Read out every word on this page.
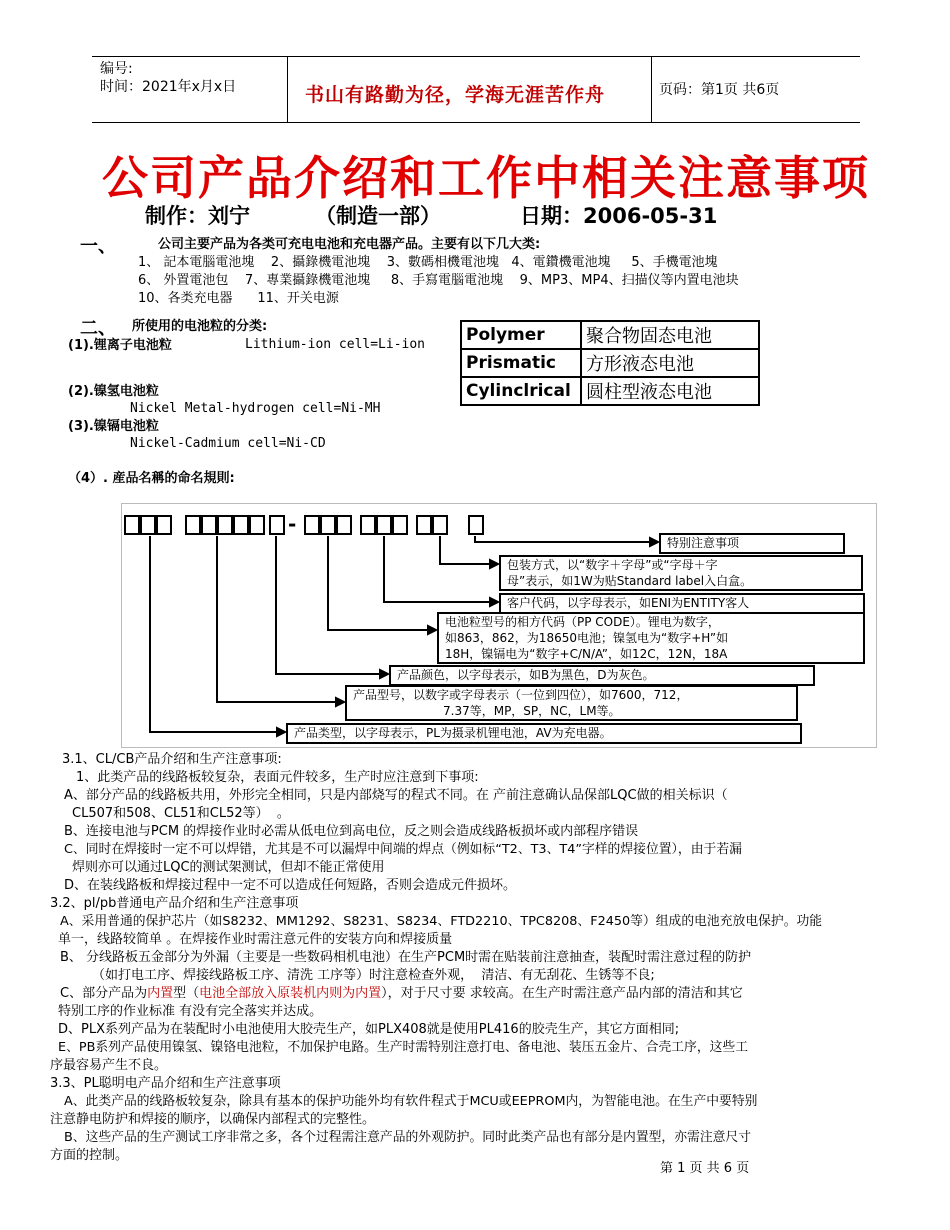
编号:
时间：2021年x月x日	书山有路勤为径，学海无涯苦作舟	页码：第1页 共6页
公司产品介绍和工作中相关注意事项
制作：刘宁	（制造一部）	日期：2006-05-31
一、	公司主要产品为各类可充电电池和充电器产品。主要有以下几大类:
1、 記本電腦電池塊    2、攝錄機電池塊    3、數碼相機電池塊   4、電鑽機電池塊     5、手機電池塊
6、 外置電池包    7、專業攝錄機電池塊     8、手寫電腦電池塊    9、MP3、MP4、扫描仪等内置电池块
10、各类充电器      11、开关电源
二、 所使用的电池粒的分类:
(1).锂离子电池粒	Lithium-ion cell=Li-ion
(2).镍氢电池粒
Nickel Metal-hydrogen cell=Ni-MH
(3).镍镉电池粒
Nickel-Cadmium cell=Ni-CD
Polymer	聚合物固态电池
Prismatic	方形液态电池
Cylinclrical	圆柱型液态电池
（4）. 産品名稱的命名規則:
-
特别注意事项
包装方式，以“数字＋字母”或“字母＋字
母”表示，如1W为贴Standard label入白盒。
客户代码，以字母表示，如ENI为ENTITY客人
电池粒型号的相方代码（PP CODE）。锂电为数字，
如863，862，为18650电池；镍氢电为“数字+H”如
18H，镍镉电为“数字+C/N/A”，如12C，12N，18A
产品颜色，以字母表示，如B为黑色，D为灰色。
产品型号，以数字或字母表示（一位到四位），如7600，712，
7.37等，MP，SP，NC，LM等。
产品类型，以字母表示，PL为摄录机锂电池，AV为充电器。
3.1、CL/CB产品介绍和生产注意事项:
1、此类产品的线路板较复杂，表面元件较多，生产时应注意到下事项:
A、部分产品的线路板共用，外形完全相同，只是内部烧写的程式不同。在 产前注意确认品保部LQC做的相关标识（
CL507和508、CL51和CL52等）  。
B、连接电池与PCM 的焊接作业时必需从低电位到高电位，反之则会造成线路板损坏或内部程序错误
C、同时在焊接时一定不可以焊错，尤其是不可以漏焊中间端的焊点（例如标“T2、T3、T4”字样的焊接位置），由于若漏
焊则亦可以通过LQC的测试架测试，但却不能正常使用
D、在装线路板和焊接过程中一定不可以造成任何短路，否则会造成元件损坏。
3.2、pl/pb普通电产品介绍和生产注意事项
A、采用普通的保护芯片（如S8232、MM1292、S8231、S8234、FTD2210、TPC8208、F2450等）组成的电池充放电保护。功能
单一，线路较简单 。在焊接作业时需注意元件的安装方向和焊接质量
B、 分线路板五金部分为外漏（主要是一些数码相机电池）在生产PCM时需在贴装前注意抽查，装配时需注意过程的防护
（如打电工序、焊接线路板工序、清洗 工序等）时注意检查外观，  清洁、有无刮花、生锈等不良;
C、部分产品为内置型（电池全部放入原装机内则为内置），对于尺寸要 求较高。在生产时需注意产品内部的清洁和其它
特别工序的作业标准 有没有完全落实并达成。
D、PLX系列产品为在装配时小电池使用大胶壳生产，如PLX408就是使用PL416的胶壳生产，其它方面相同;
E、PB系列产品使用镍氢、镍铬电池粒，不加保护电路。生产时需特别注意打电、备电池、装压五金片、合壳工序，这些工
序最容易产生不良。
3.3、PL聪明电产品介绍和生产注意事项
A、此类产品的线路板较复杂，除具有基本的保护功能外均有软件程式于MCU或EEPROM内，为智能电池。在生产中要特别
注意静电防护和焊接的顺序，以确保内部程式的完整性。
B、这些产品的生产测试工序非常之多，各个过程需注意产品的外观防护。同时此类产品也有部分是内置型，亦需注意尺寸
方面的控制。
第 1 页 共 6 页
